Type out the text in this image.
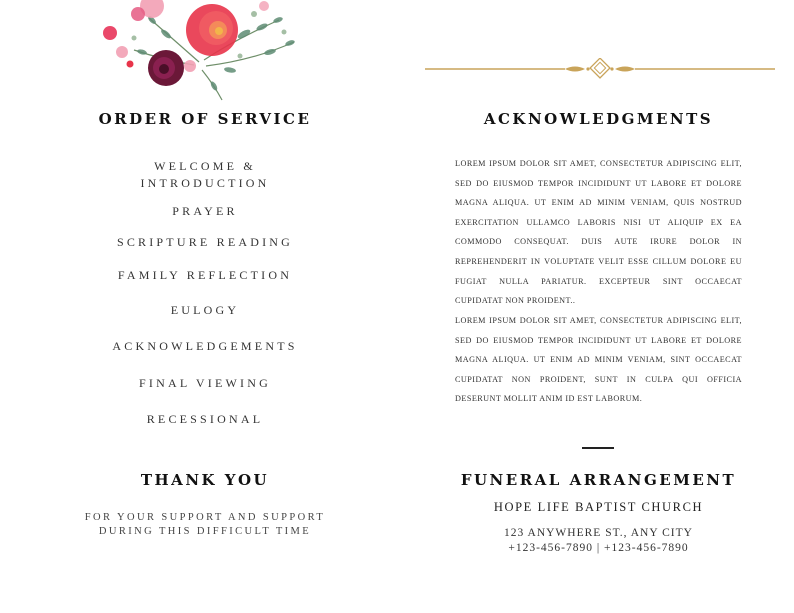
ORDER OF SERVICE
WELCOME &
INTRODUCTION
PRAYER
SCRIPTURE READING
FAMILY REFLECTION
EULOGY
ACKNOWLEDGEMENTS
FINAL VIEWING
RECESSIONAL
THANK YOU

FOR YOUR SUPPORT AND SUPPORT

DURING THIS DIFFICULT TIME

ACKNOWLEDGMENTS

LOREM IPSUM DOLOR SIT AMET, CONSECTETUR ADIPISCING ELIT, SED DO EIUSMOD TEMPOR INCIDIDUNT UT LABORE ET DOLORE MAGNA ALIQUA. UT ENIM AD MINIM VENIAM, QUIS NOSTRUD EXERCITATION ULLAMCO LABORIS NISI UT ALIQUIP EX EA COMMODO CONSEQUAT. DUIS AUTE IRURE DOLOR IN REPREHENDERIT IN VOLUPTATE VELIT ESSE CILLUM DOLORE EU FUGIAT NULLA PARIATUR. EXCEPTEUR SINT OCCAECAT CUPIDATAT NON PROIDENT..

LOREM IPSUM DOLOR SIT AMET, CONSECTETUR ADIPISCING ELIT, SED DO EIUSMOD TEMPOR INCIDIDUNT UT LABORE ET DOLORE MAGNA ALIQUA. UT ENIM AD MINIM VENIAM, SINT OCCAECAT CUPIDATAT NON PROIDENT, SUNT IN CULPA QUI OFFICIA DESERUNT MOLLIT ANIM ID EST LABORUM.

FUNERAL ARRANGEMENT

HOPE LIFE BAPTIST CHURCH

123 ANYWHERE ST., ANY CITY

+123-456-7890 | +123-456-7890
